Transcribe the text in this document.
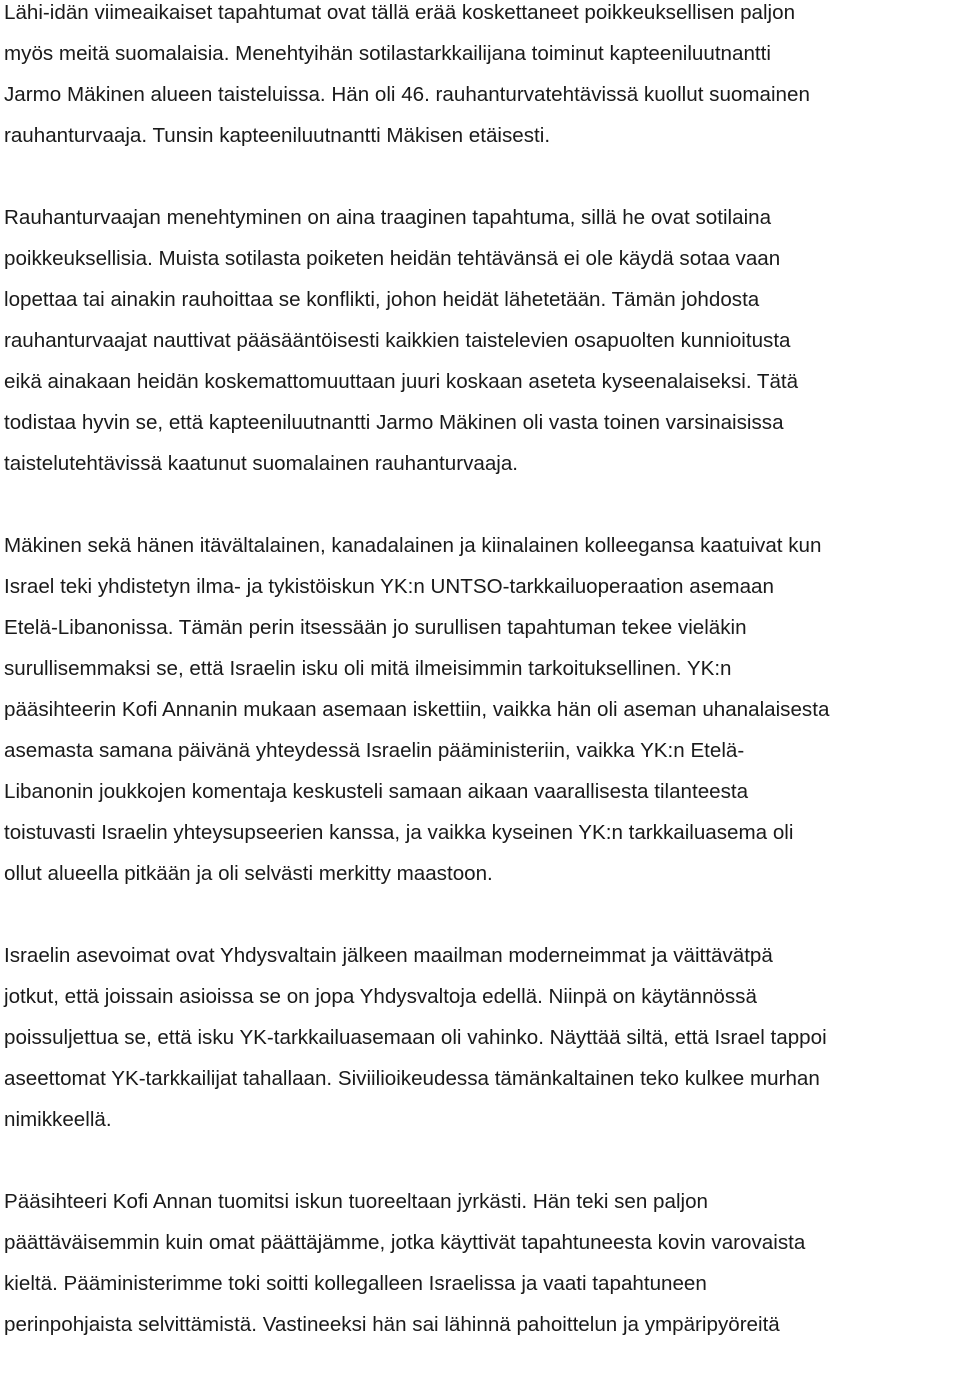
Lähi-idän viimeaikaiset tapahtumat ovat tällä erää koskettaneet poikkeuksellisen paljon
myös meitä suomalaisia. Menehtyihän sotilastarkkailijana toiminut kapteeniluutnantti
Jarmo Mäkinen alueen taisteluissa. Hän oli 46. rauhanturvatehtävissä kuollut suomainen
rauhanturvaaja. Tunsin kapteeniluutnantti Mäkisen etäisesti.
Rauhanturvaajan menehtyminen on aina traaginen tapahtuma, sillä he ovat sotilaina
poikkeuksellisia. Muista sotilasta poiketen heidän tehtävänsä ei ole käydä sotaa vaan
lopettaa tai ainakin rauhoittaa se konflikti, johon heidät lähetetään. Tämän johdosta
rauhanturvaajat nauttivat pääsääntöisesti kaikkien taistelevien osapuolten kunnioitusta
eikä ainakaan heidän koskemattomuuttaan juuri koskaan aseteta kyseenalaiseksi. Tätä
todistaa hyvin se, että kapteeniluutnantti Jarmo Mäkinen oli vasta toinen varsinaisissa
taistelutehtävissä kaatunut suomalainen rauhanturvaaja.
Mäkinen sekä hänen itävältalainen, kanadalainen ja kiinalainen kolleegansa kaatuivat kun
Israel teki yhdistetyn ilma- ja tykistöiskun YK:n UNTSO-tarkkailuoperaation asemaan
Etelä-Libanonissa. Tämän perin itsessään jo surullisen tapahtuman tekee vieläkin
surullisemmaksi se, että Israelin isku oli mitä ilmeisimmin tarkoituksellinen. YK:n
pääsihteerin Kofi Annanin mukaan asemaan iskettiin, vaikka hän oli aseman uhanalaisesta
asemasta samana päivänä yhteydessä Israelin pääministeriin, vaikka YK:n Etelä-
Libanonin joukkojen komentaja keskusteli samaan aikaan vaarallisesta tilanteesta
toistuvasti Israelin yhteysupseerien kanssa, ja vaikka kyseinen YK:n tarkkailuasema oli
ollut alueella pitkään ja oli selvästi merkitty maastoon.
Israelin asevoimat ovat Yhdysvaltain jälkeen maailman moderneimmat ja väittävätpä
jotkut, että joissain asioissa se on jopa Yhdysvaltoja edellä. Niinpä on käytännössä
poissuljettua se, että isku YK-tarkkailuasemaan oli vahinko. Näyttää siltä, että Israel tappoi
aseettomat YK-tarkkailijat tahallaan. Siviilioikeudessa tämänkaltainen teko kulkee murhan
nimikkeellä.
Pääsihteeri Kofi Annan tuomitsi iskun tuoreeltaan jyrkästi. Hän teki sen paljon
päättäväisemmin kuin omat päättäjämme, jotka käyttivät tapahtuneesta kovin varovaista
kieltä. Pääministerimme toki soitti kollegalleen Israelissa ja vaati tapahtuneen
perinpohjaista selvittämistä. Vastineeksi hän sai lähinnä pahoittelun ja ympäripyöreitä
